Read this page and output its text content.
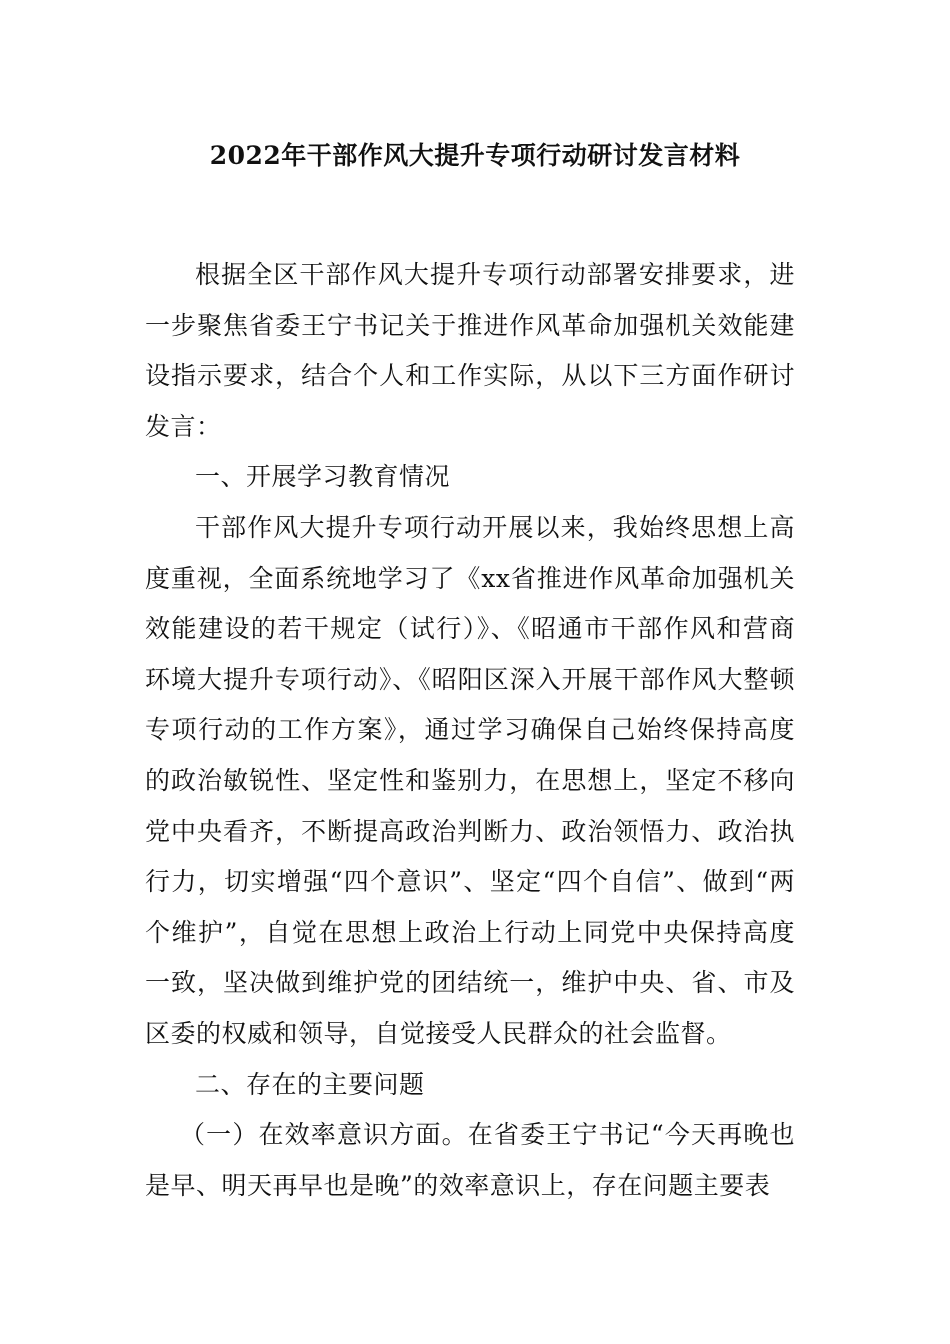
2022年干部作风大提升专项行动研讨发言材料

根据全区干部作风大提升专项行动部署安排要求，进一步聚焦省委王宁书记关于推进作风革命加强机关效能建设指示要求，结合个人和工作实际，从以下三方面作研讨发言：

一、开展学习教育情况

干部作风大提升专项行动开展以来，我始终思想上高度重视，全面系统地学习了《xx省推进作风革命加强机关效能建设的若干规定（试行）》、《昭通市干部作风和营商环境大提升专项行动》、《昭阳区深入开展干部作风大整顿专项行动的工作方案》，通过学习确保自己始终保持高度的政治敏锐性、坚定性和鉴别力，在思想上，坚定不移向党中央看齐，不断提高政治判断力、政治领悟力、政治执行力，切实增强“四个意识”、坚定“四个自信”、做到“两个维护”，自觉在思想上政治上行动上同党中央保持高度一致，坚决做到维护党的团结统一，维护中央、省、市及区委的权威和领导，自觉接受人民群众的社会监督。

二、存在的主要问题

（一）在效率意识方面。在省委王宁书记“今天再晚也是早、明天再早也是晚”的效率意识上，存在问题主要表
